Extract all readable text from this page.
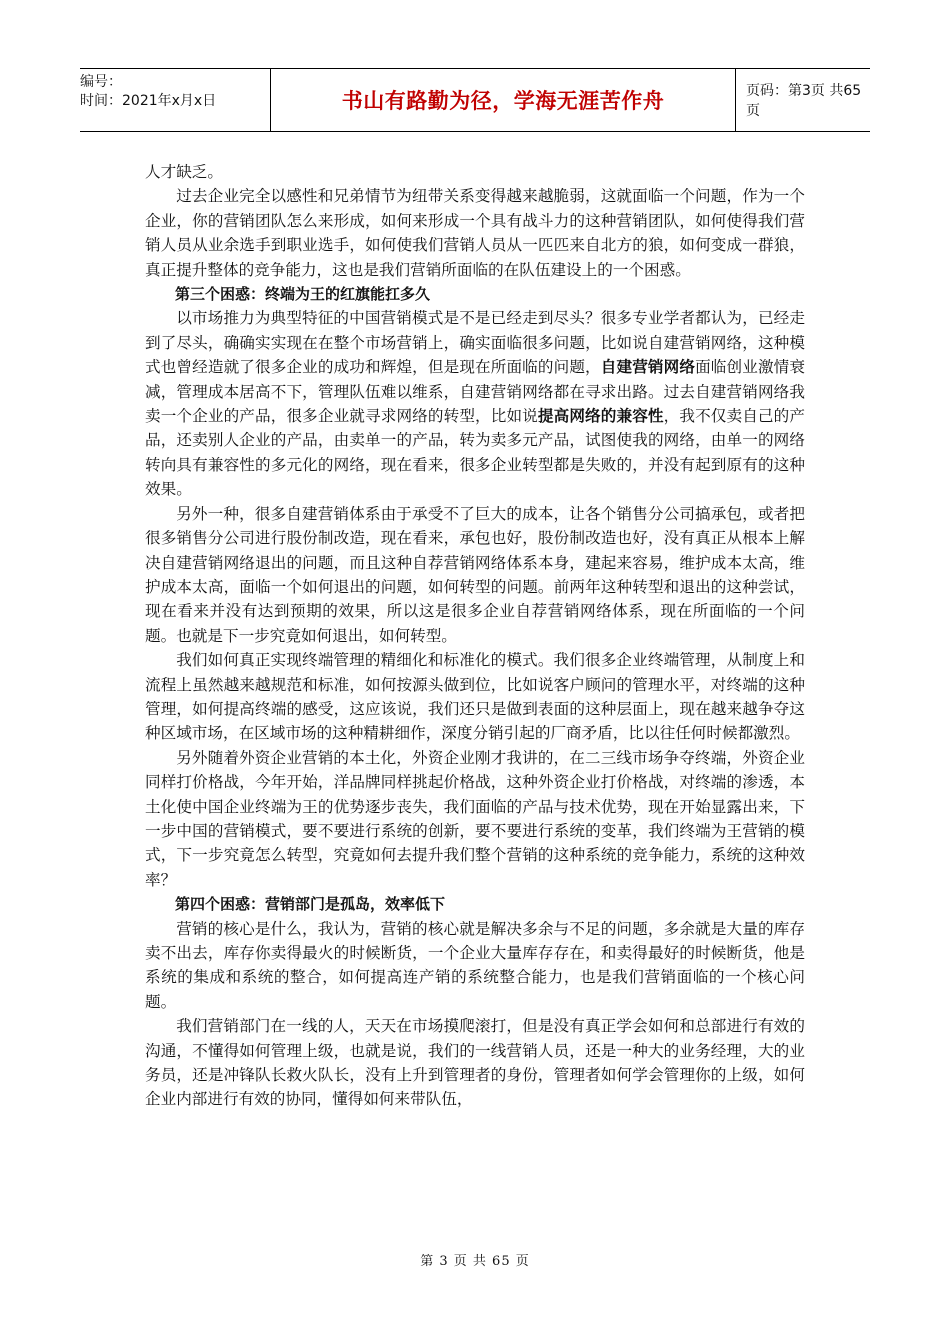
编号：
时间：2021年x月x日	书山有路勤为径，学海无涯苦作舟	页码：第3页 共65页

人才缺乏。

过去企业完全以感性和兄弟情节为纽带关系变得越来越脆弱，这就面临一个问题，作为一个企业，你的营销团队怎么来形成，如何来形成一个具有战斗力的这种营销团队，如何使得我们营销人员从业余选手到职业选手，如何使我们营销人员从一匹匹来自北方的狼，如何变成一群狼，真正提升整体的竞争能力，这也是我们营销所面临的在队伍建设上的一个困惑。

第三个困惑：终端为王的红旗能扛多久

以市场推力为典型特征的中国营销模式是不是已经走到尽头？很多专业学者都认为，已经走到了尽头，确确实实现在在整个市场营销上，确实面临很多问题，比如说自建营销网络，这种模式也曾经造就了很多企业的成功和辉煌，但是现在所面临的问题，自建营销网络面临创业激情衰减，管理成本居高不下，管理队伍难以维系，自建营销网络都在寻求出路。过去自建营销网络我卖一个企业的产品，很多企业就寻求网络的转型，比如说提高网络的兼容性，我不仅卖自己的产品，还卖别人企业的产品，由卖单一的产品，转为卖多元产品，试图使我的网络，由单一的网络转向具有兼容性的多元化的网络，现在看来，很多企业转型都是失败的，并没有起到原有的这种效果。

另外一种，很多自建营销体系由于承受不了巨大的成本，让各个销售分公司搞承包，或者把很多销售分公司进行股份制改造，现在看来，承包也好，股份制改造也好，没有真正从根本上解决自建营销网络退出的问题，而且这种自荐营销网络体系本身，建起来容易，维护成本太高，维护成本太高，面临一个如何退出的问题，如何转型的问题。前两年这种转型和退出的这种尝试，现在看来并没有达到预期的效果，所以这是很多企业自荐营销网络体系，现在所面临的一个问题。也就是下一步究竟如何退出，如何转型。

我们如何真正实现终端管理的精细化和标准化的模式。我们很多企业终端管理，从制度上和流程上虽然越来越规范和标准，如何按源头做到位，比如说客户顾问的管理水平，对终端的这种管理，如何提高终端的感受，这应该说，我们还只是做到表面的这种层面上，现在越来越争夺这种区域市场，在区域市场的这种精耕细作，深度分销引起的厂商矛盾，比以往任何时候都激烈。

另外随着外资企业营销的本土化，外资企业刚才我讲的，在二三线市场争夺终端，外资企业同样打价格战，今年开始，洋品牌同样挑起价格战，这种外资企业打价格战，对终端的渗透，本土化使中国企业终端为王的优势逐步丧失，我们面临的产品与技术优势，现在开始显露出来，下一步中国的营销模式，要不要进行系统的创新，要不要进行系统的变革，我们终端为王营销的模式，下一步究竟怎么转型，究竟如何去提升我们整个营销的这种系统的竞争能力，系统的这种效率？

第四个困惑：营销部门是孤岛，效率低下

营销的核心是什么，我认为，营销的核心就是解决多余与不足的问题，多余就是大量的库存卖不出去，库存你卖得最火的时候断货，一个企业大量库存存在，和卖得最好的时候断货，他是系统的集成和系统的整合，如何提高连产销的系统整合能力，也是我们营销面临的一个核心问题。

我们营销部门在一线的人，天天在市场摸爬滚打，但是没有真正学会如何和总部进行有效的沟通，不懂得如何管理上级，也就是说，我们的一线营销人员，还是一种大的业务经理，大的业务员，还是冲锋队长救火队长，没有上升到管理者的身份，管理者如何学会管理你的上级，如何企业内部进行有效的协同，懂得如何来带队伍，

第 3 页 共 65 页
